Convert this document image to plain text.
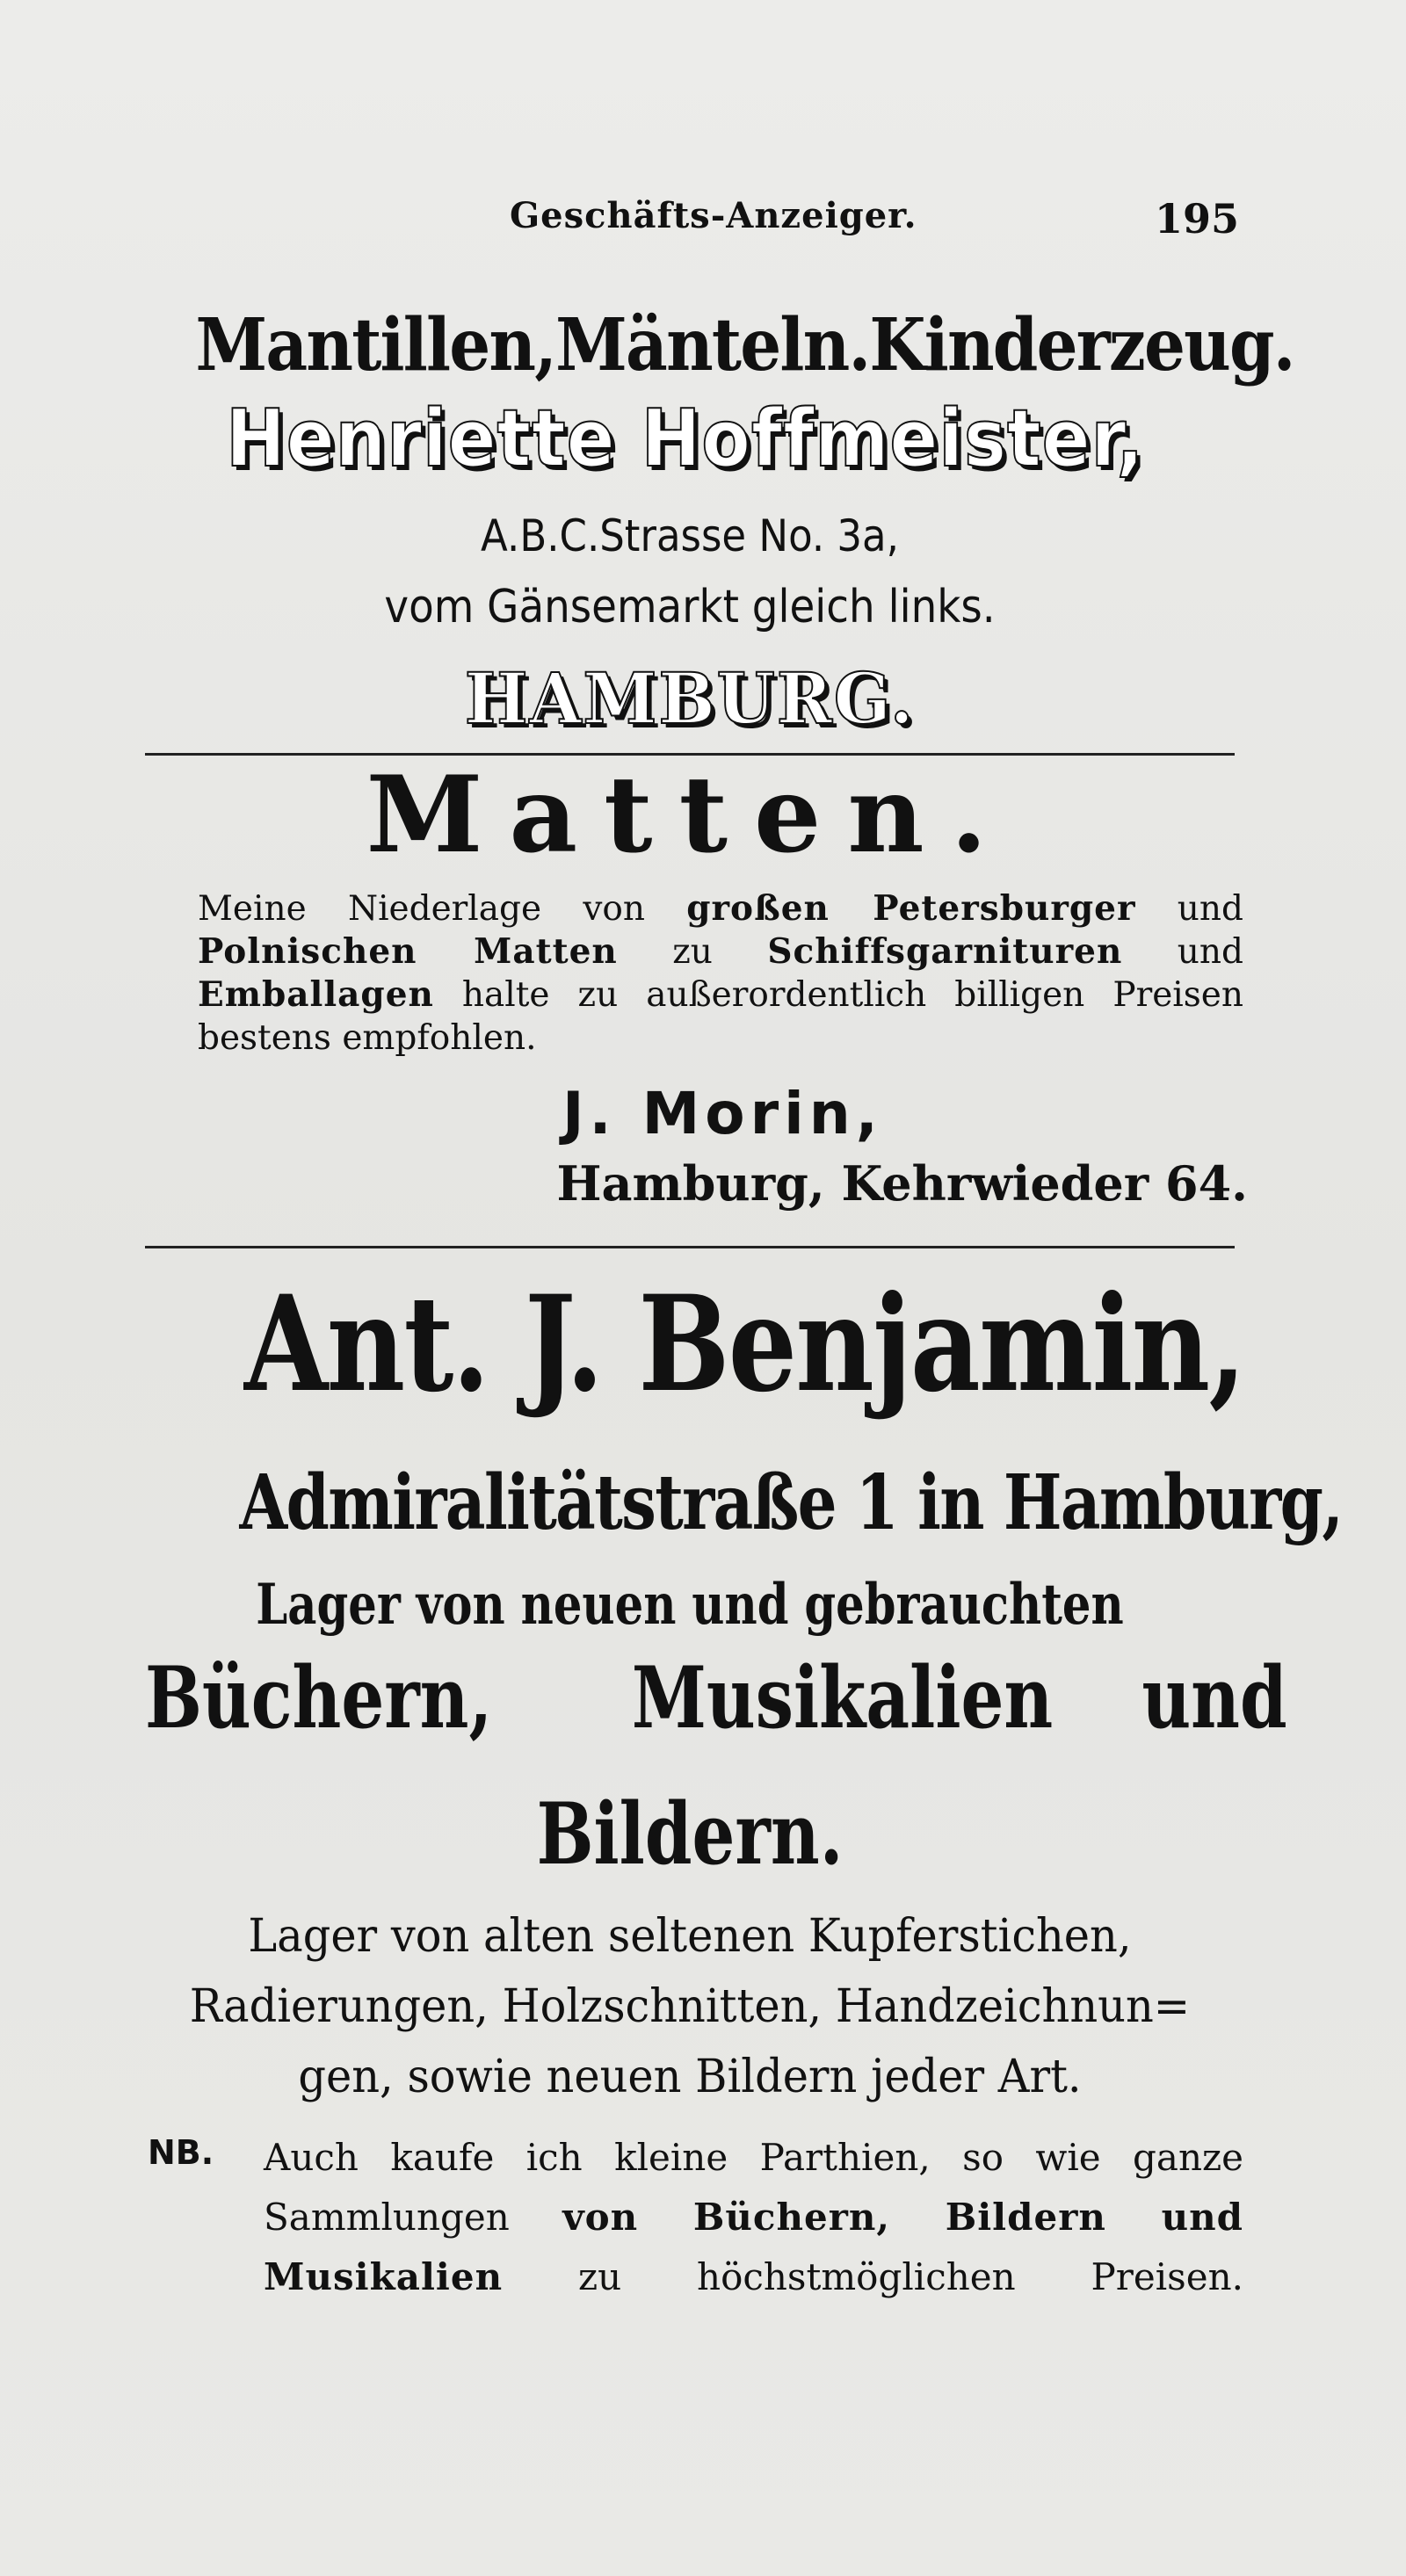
Geschäfts-Anzeiger.	195
Mantillen,Mänteln.Kinderzeug.
Henriette Hoffmeister,
A.B.C.Strasse No. 3a,
vom Gänsemarkt gleich links.
HAMBURG.
Matten.
Meine Niederlage von großen Petersburger und
Polnischen Matten zu Schiffsgarnituren und
Emballagen halte zu außerordentlich billigen Preisen
bestens empfohlen.
J. Morin,
Hamburg, Kehrwieder 64.
Ant. J. Benjamin,
Admiralitätstraße 1 in Hamburg,
Lager von neuen und gebrauchten
Büchern, Musikalien und
Bildern.
Lager von alten seltenen Kupferstichen,
Radierungen, Holzschnitten, Handzeichnun=
gen, sowie neuen Bildern jeder Art.
NB. Auch kaufe ich kleine Parthien, so wie ganze
Sammlungen von Büchern, Bildern und
Musikalien zu höchstmöglichen Preisen.
